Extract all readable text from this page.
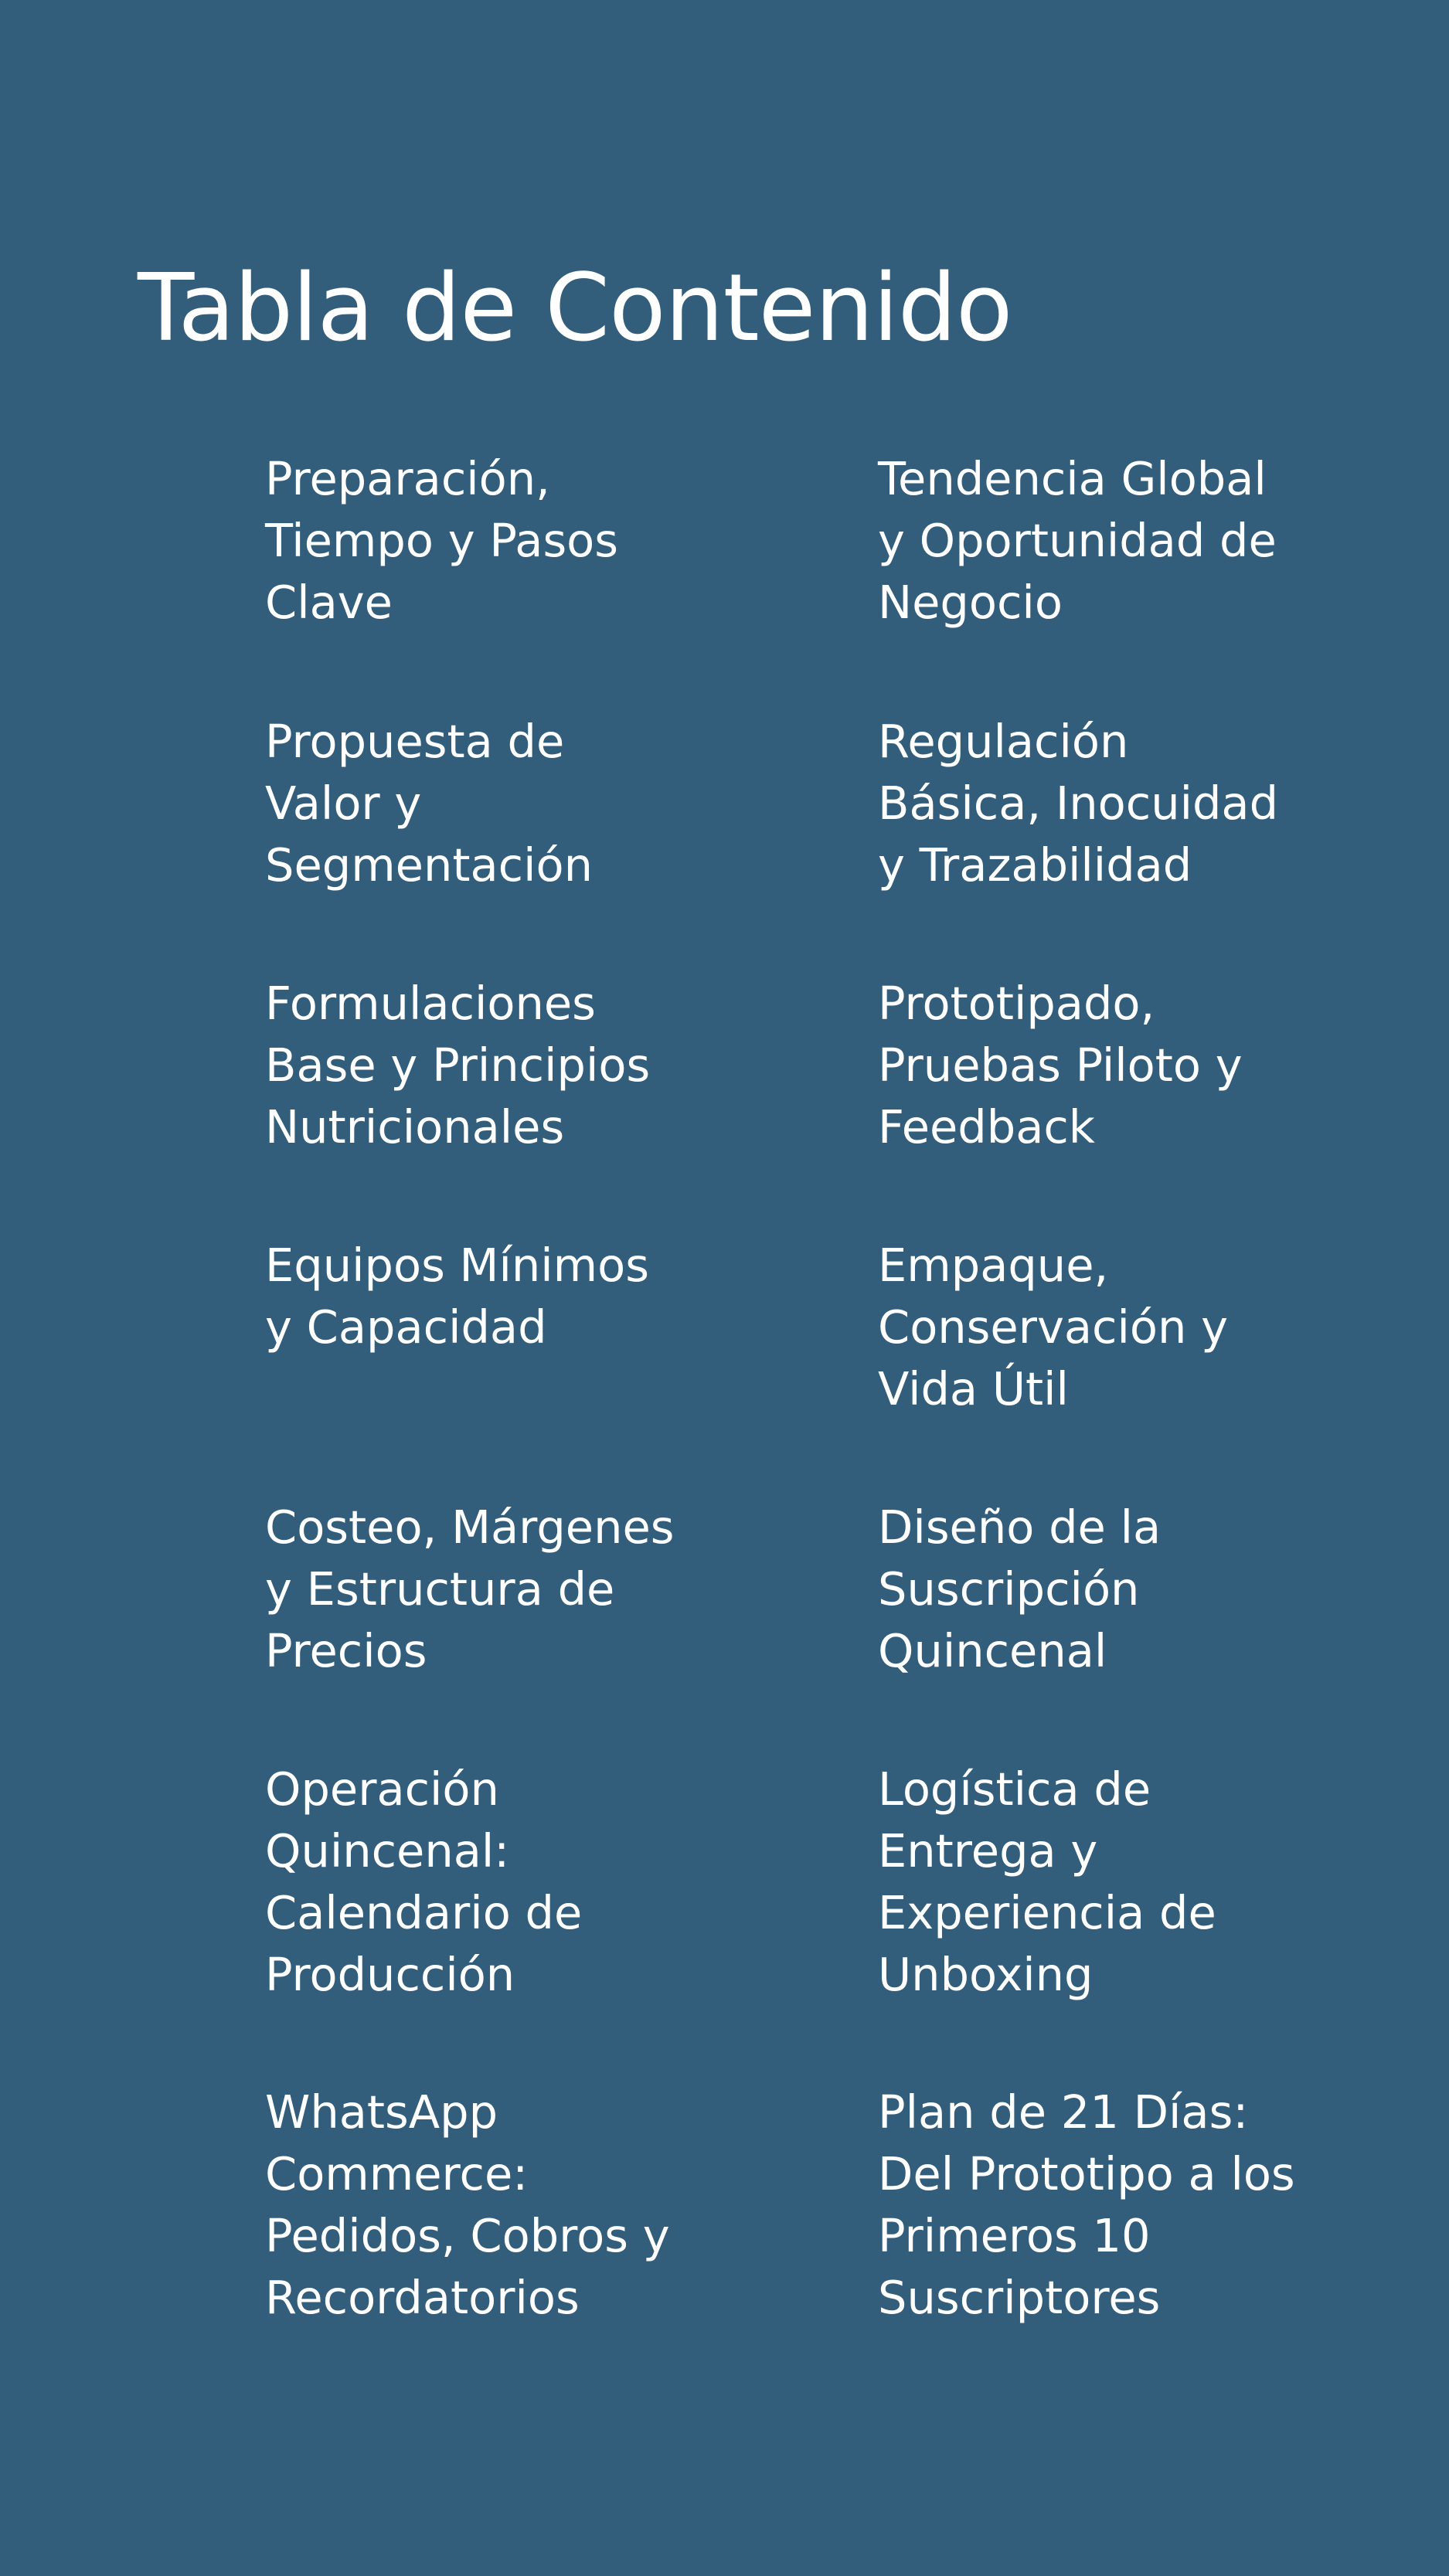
Tabla de Contenido

Preparación,
Tiempo y Pasos
Clave

Tendencia Global
y Oportunidad de
Negocio

Propuesta de
Valor y
Segmentación

Regulación
Básica, Inocuidad
y Trazabilidad

Formulaciones
Base y Principios
Nutricionales

Prototipado,
Pruebas Piloto y
Feedback

Equipos Mínimos
y Capacidad

Empaque,
Conservación y
Vida Útil

Costeo, Márgenes
y Estructura de
Precios

Diseño de la
Suscripción
Quincenal

Operación
Quincenal:
Calendario de
Producción

Logística de
Entrega y
Experiencia de
Unboxing

WhatsApp
Commerce:
Pedidos, Cobros y
Recordatorios

Plan de 21 Días:
Del Prototipo a los
Primeros 10
Suscriptores
